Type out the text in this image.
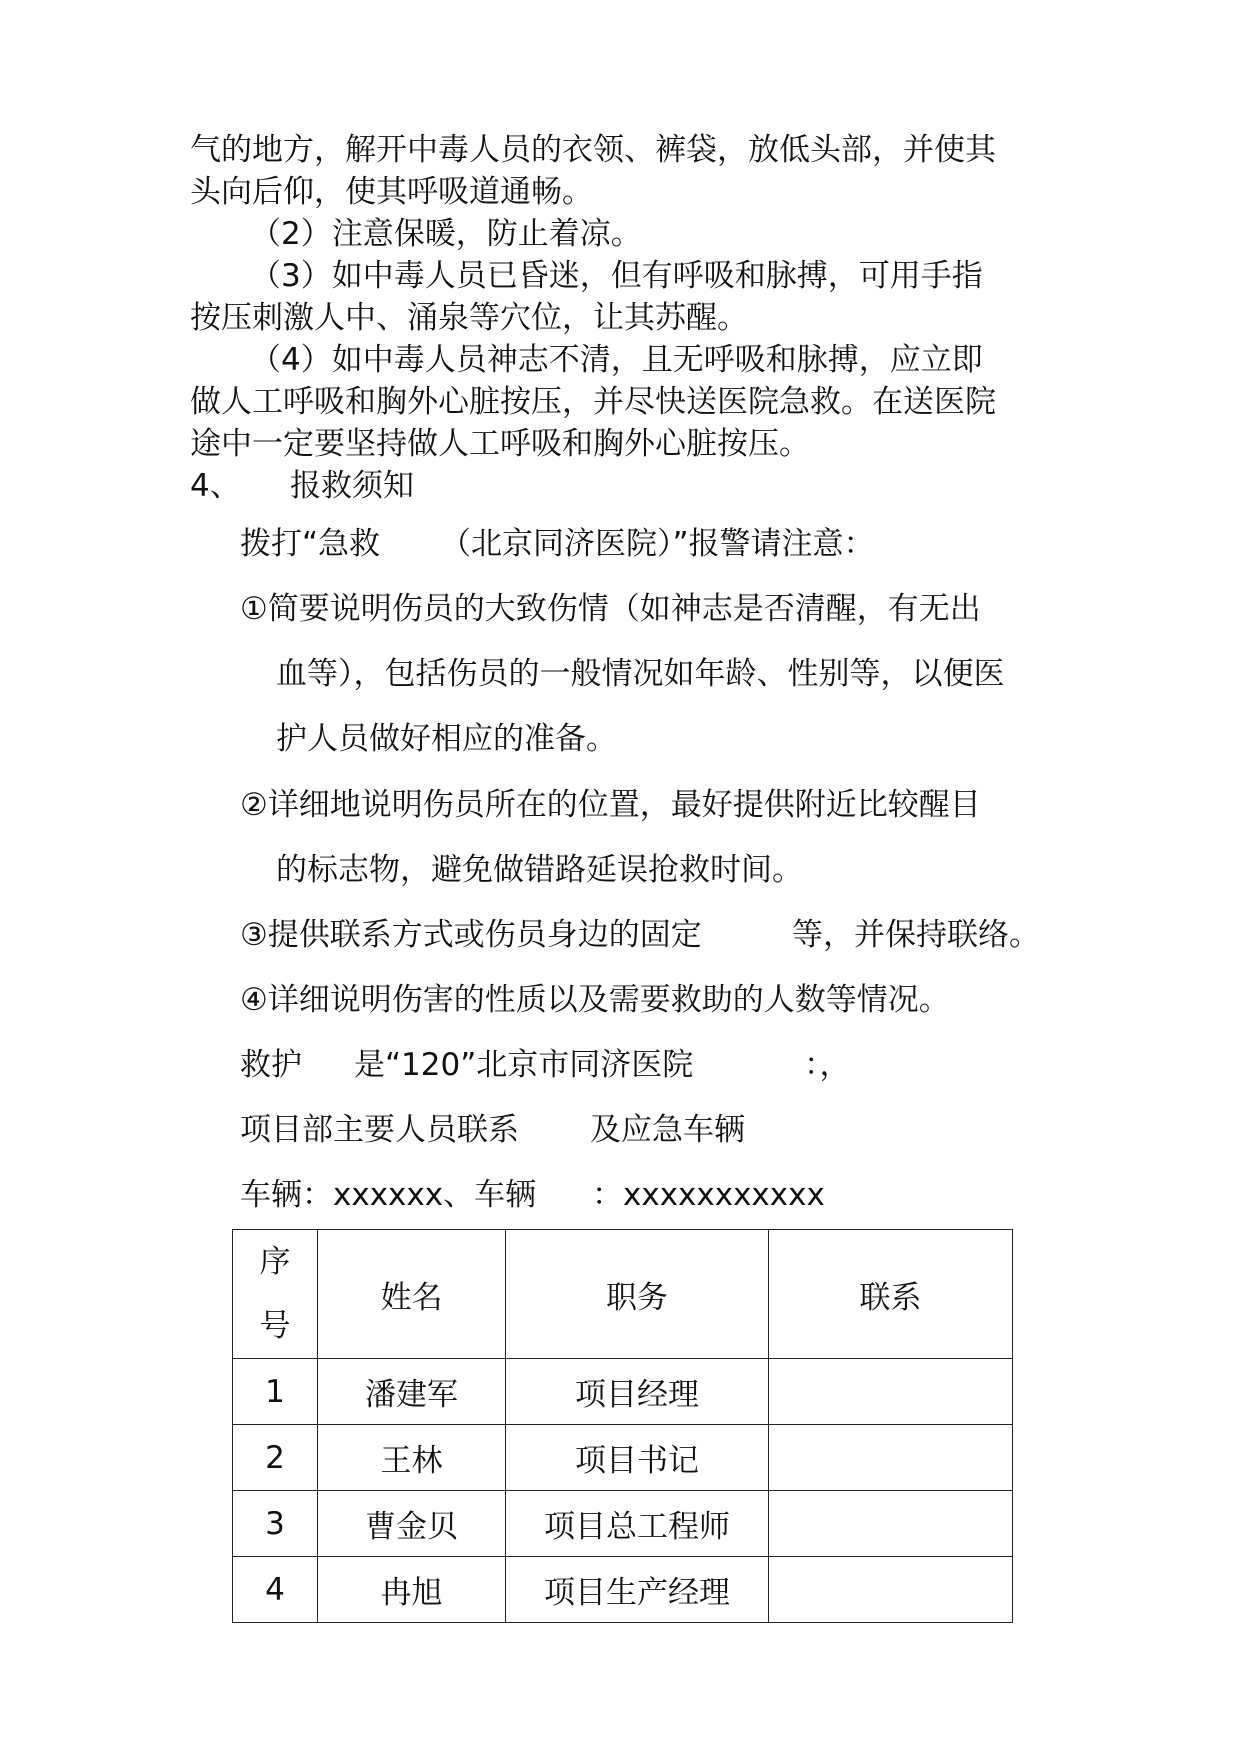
气的地方，解开中毒人员的衣领、裤袋，放低头部，并使其
头向后仰，使其呼吸道通畅。
（2）注意保暖，防止着凉。
（3）如中毒人员已昏迷，但有呼吸和脉搏，可用手指
按压刺激人中、涌泉等穴位，让其苏醒。
（4）如中毒人员神志不清，且无呼吸和脉搏，应立即
做人工呼吸和胸外心脏按压，并尽快送医院急救。在送医院
途中一定要坚持做人工呼吸和胸外心脏按压。
4、 报救须知
拨打“急救 （北京同济医院）”报警请注意：
①简要说明伤员的大致伤情（如神志是否清醒，有无出
血等），包括伤员的一般情况如年龄、性别等，以便医
护人员做好相应的准备。
②详细地说明伤员所在的位置，最好提供附近比较醒目
的标志物，避免做错路延误抢救时间。
③提供联系方式或伤员身边的固定	等，并保持联络。
④详细说明伤害的性质以及需要救助的人数等情况。
救护 是“120”北京市同济医院	：，
项目部主要人员联系 及应急车辆
车辆：xxxxxx、车辆 ：xxxxxxxxxxx
序
号	姓名	职务	联系
1	潘建军	项目经理	
2	王林	项目书记	
3	曹金贝	项目总工程师	
4	冉旭	项目生产经理	
